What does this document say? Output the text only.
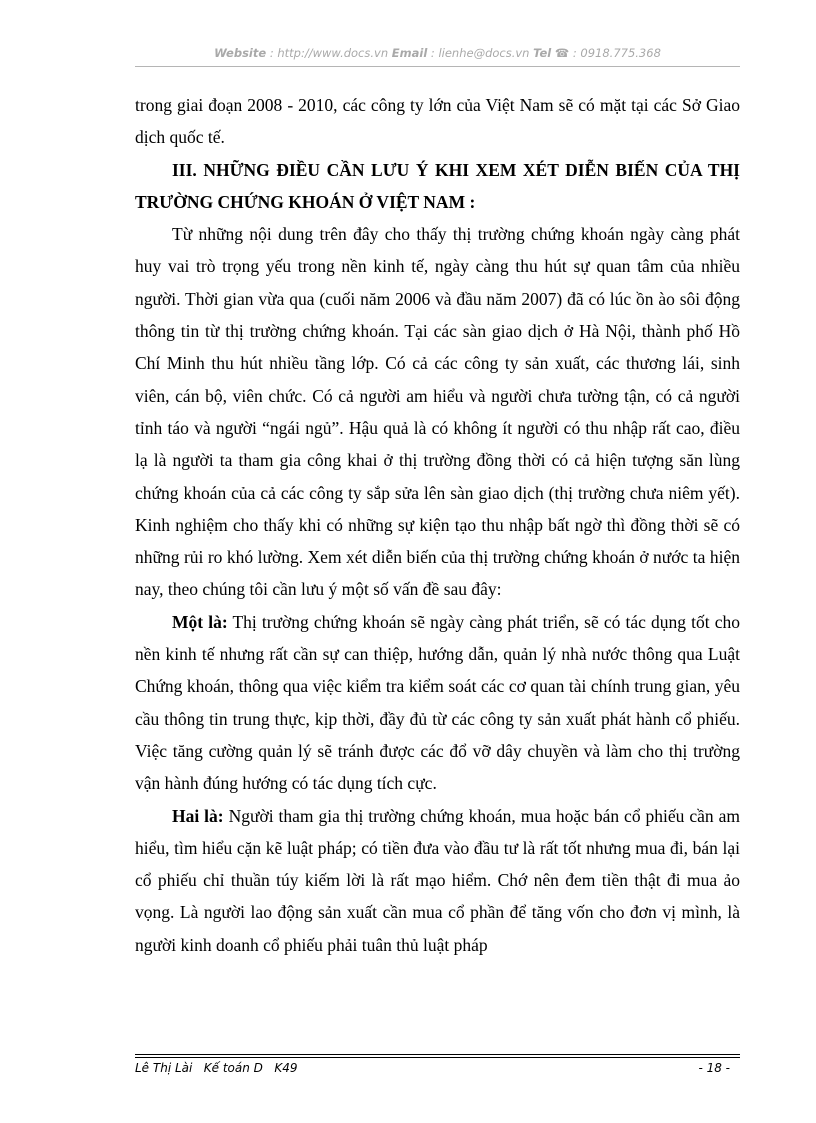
Website : http://www.docs.vn Email : lienhe@docs.vn Tel ☎ : 0918.775.368

trong giai đoạn 2008 - 2010, các công ty lớn của Việt Nam sẽ có mặt tại các Sở Giao dịch quốc tế.

III. NHỮNG ĐIỀU CẦN LƯU Ý KHI XEM XÉT DIỄN BIẾN CỦA THỊ TRƯỜNG CHỨNG KHOÁN Ở VIỆT NAM :

Từ những nội dung trên đây cho thấy thị trường chứng khoán ngày càng phát huy vai trò trọng yếu trong nền kinh tế, ngày càng thu hút sự quan tâm của nhiều người. Thời gian vừa qua (cuối năm 2006 và đầu năm 2007) đã có lúc ồn ào sôi động thông tin từ thị trường chứng khoán. Tại các sàn giao dịch ở Hà Nội, thành phố Hồ Chí Minh thu hút nhiều tầng lớp. Có cả các công ty sản xuất, các thương lái, sinh viên, cán bộ, viên chức. Có cả người am hiểu và người chưa tường tận, có cả người tỉnh táo và người “ngái ngủ”. Hậu quả là có không ít người có thu nhập rất cao, điều lạ là người ta tham gia công khai ở thị trường đồng thời có cả hiện tượng săn lùng chứng khoán của cả các công ty sắp sửa lên sàn giao dịch (thị trường chưa niêm yết). Kinh nghiệm cho thấy khi có những sự kiện tạo thu nhập bất ngờ thì đồng thời sẽ có những rủi ro khó lường. Xem xét diễn biến của thị trường chứng khoán ở nước ta hiện nay, theo chúng tôi cần lưu ý một số vấn đề sau đây:

Một là: Thị trường chứng khoán sẽ ngày càng phát triển, sẽ có tác dụng tốt cho nền kinh tế nhưng rất cần sự can thiệp, hướng dẫn, quản lý nhà nước thông qua Luật Chứng khoán, thông qua việc kiểm tra kiểm soát các cơ quan tài chính trung gian, yêu cầu thông tin trung thực, kịp thời, đầy đủ từ các công ty sản xuất phát hành cổ phiếu. Việc tăng cường quản lý sẽ tránh được các đổ vỡ dây chuyền và làm cho thị trường vận hành đúng hướng có tác dụng tích cực.

Hai là: Người tham gia thị trường chứng khoán, mua hoặc bán cổ phiếu cần am hiểu, tìm hiểu cặn kẽ luật pháp; có tiền đưa vào đầu tư là rất tốt nhưng mua đi, bán lại cổ phiếu chỉ thuần túy kiếm lời là rất mạo hiểm. Chớ nên đem tiền thật đi mua ảo vọng. Là người lao động sản xuất cần mua cổ phần để tăng vốn cho đơn vị mình, là người kinh doanh cổ phiếu phải tuân thủ luật pháp

Lê Thị Lài   Kế toán D   K49	- 18 -
